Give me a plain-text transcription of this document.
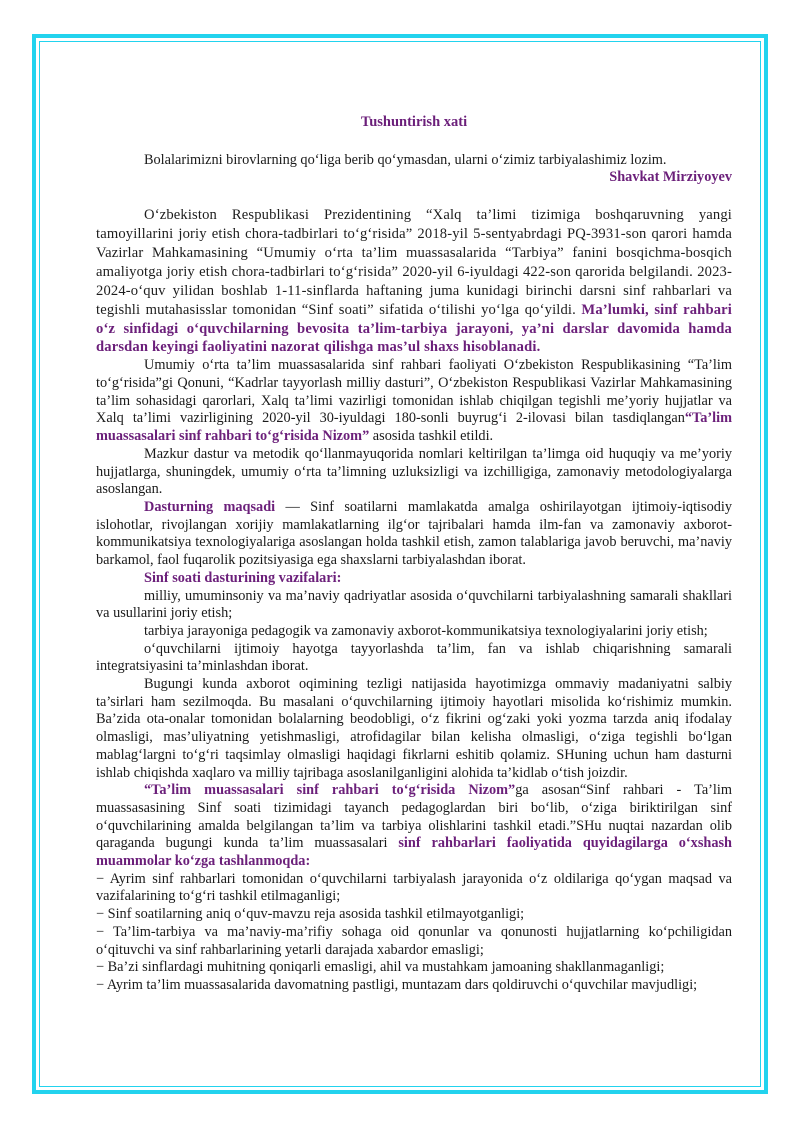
Tushuntirish xati

Bolalarimizni birovlarning qo‘liga berib qo‘ymasdan, ularni o‘zimiz tarbiyalashimiz lozim.

Shavkat Mirziyoyev

O‘zbekiston Respublikasi Prezidentining “Xalq ta’limi tizimiga boshqaruvning yangi tamoyillarini joriy etish chora-tadbirlari to‘g‘risida” 2018-yil 5-sentyabrdagi PQ-3931-son qarori hamda Vazirlar Mahkamasining “Umumiy o‘rta ta’lim muassasalarida “Tarbiya” fanini bosqichma-bosqich amaliyotga joriy etish chora-tadbirlari to‘g‘risida” 2020-yil 6-iyuldagi 422-son qarorida belgilandi. 2023-2024-o‘quv yilidan boshlab 1-11-sinflarda haftaning juma kunidagi birinchi darsni sinf rahbarlari va tegishli mutahasisslar tomonidan “Sinf soati” sifatida o‘tilishi yo‘lga qo‘yildi. Ma’lumki, sinf rahbari o‘z sinfidagi o‘quvchilarning bevosita ta’lim-tarbiya jarayoni, ya’ni darslar davomida hamda darsdan keyingi faoliyatini nazorat qilishga mas’ul shaxs hisoblanadi.

Umumiy o‘rta ta’lim muassasalarida sinf rahbari faoliyati O‘zbekiston Respublikasining “Ta’lim to‘g‘risida”gi Qonuni, “Kadrlar tayyorlash milliy dasturi”, O‘zbekiston Respublikasi Vazirlar Mahkamasining ta’lim sohasidagi qarorlari, Xalq ta’limi vazirligi tomonidan ishlab chiqilgan tegishli me’yoriy hujjatlar va Xalq ta’limi vazirligining 2020-yil 30-iyuldagi 180-sonli buyrug‘i 2-ilovasi bilan tasdiqlangan“Ta’lim muassasalari sinf rahbari to‘g‘risida Nizom” asosida tashkil etildi.

Mazkur dastur va metodik qo‘llanmayuqorida nomlari keltirilgan ta’limga oid huquqiy va me’yoriy hujjatlarga, shuningdek, umumiy o‘rta ta’limning uzluksizligi va izchilligiga, zamonaviy metodologiyalarga asoslangan.

Dasturning maqsadi — Sinf soatilarni mamlakatda amalga oshirilayotgan ijtimoiy-iqtisodiy islohotlar, rivojlangan xorijiy mamlakatlarning ilg‘or tajribalari hamda ilm-fan va zamonaviy axborot-kommunikatsiya texnologiyalariga asoslangan holda tashkil etish, zamon talablariga javob beruvchi, ma’naviy barkamol, faol fuqarolik pozitsiyasiga ega shaxslarni tarbiyalashdan iborat.

Sinf soati dasturining vazifalari:

milliy, umuminsoniy va ma’naviy qadriyatlar asosida o‘quvchilarni tarbiyalashning samarali shakllari va usullarini joriy etish;

tarbiya jarayoniga pedagogik va zamonaviy axborot-kommunikatsiya texnologiyalarini joriy etish;

o‘quvchilarni ijtimoiy hayotga tayyorlashda ta’lim, fan va ishlab chiqarishning samarali integratsiyasini ta’minlashdan iborat.

Bugungi kunda axborot oqimining tezligi natijasida hayotimizga ommaviy madaniyatni salbiy ta’sirlari ham sezilmoqda. Bu masalani o‘quvchilarning ijtimoiy hayotlari misolida ko‘rishimiz mumkin. Ba’zida ota-onalar tomonidan bolalarning beodobligi, o‘z fikrini og‘zaki yoki yozma tarzda aniq ifodalay olmasligi, mas’uliyatning yetishmasligi, atrofidagilar bilan kelisha olmasligi, o‘ziga tegishli bo‘lgan mablag‘largni to‘g‘ri taqsimlay olmasligi haqidagi fikrlarni eshitib qolamiz. SHuning uchun ham dasturni ishlab chiqishda xaqlaro va milliy tajribaga asoslanilganligini alohida ta’kidlab o‘tish joizdir.

“Ta’lim muassasalari sinf rahbari to‘g‘risida Nizom”ga asosan“Sinf rahbari - Ta’lim muassasasining Sinf soati tizimidagi tayanch pedagoglardan biri bo‘lib, o‘ziga biriktirilgan sinf o‘quvchilarining amalda belgilangan ta’lim va tarbiya olishlarini tashkil etadi.”SHu nuqtai nazardan olib qaraganda bugungi kunda ta’lim muassasalari sinf rahbarlari faoliyatida quyidagilarga o‘xshash muammolar ko‘zga tashlanmoqda:

− Ayrim sinf rahbarlari tomonidan o‘quvchilarni tarbiyalash jarayonida o‘z oldilariga qo‘ygan maqsad va vazifalarining to‘g‘ri tashkil etilmaganligi;

− Sinf soatilarning aniq o‘quv-mavzu reja asosida tashkil etilmayotganligi;

− Ta’lim-tarbiya va ma’naviy-ma’rifiy sohaga oid qonunlar va qonunosti hujjatlarning ko‘pchiligidan o‘qituvchi va sinf rahbarlarining yetarli darajada xabardor emasligi;

− Ba’zi sinflardagi muhitning qoniqarli emasligi, ahil va mustahkam jamoaning shakllanmaganligi;

− Ayrim ta’lim muassasalarida davomatning pastligi, muntazam dars qoldiruvchi o‘quvchilar mavjudligi;
